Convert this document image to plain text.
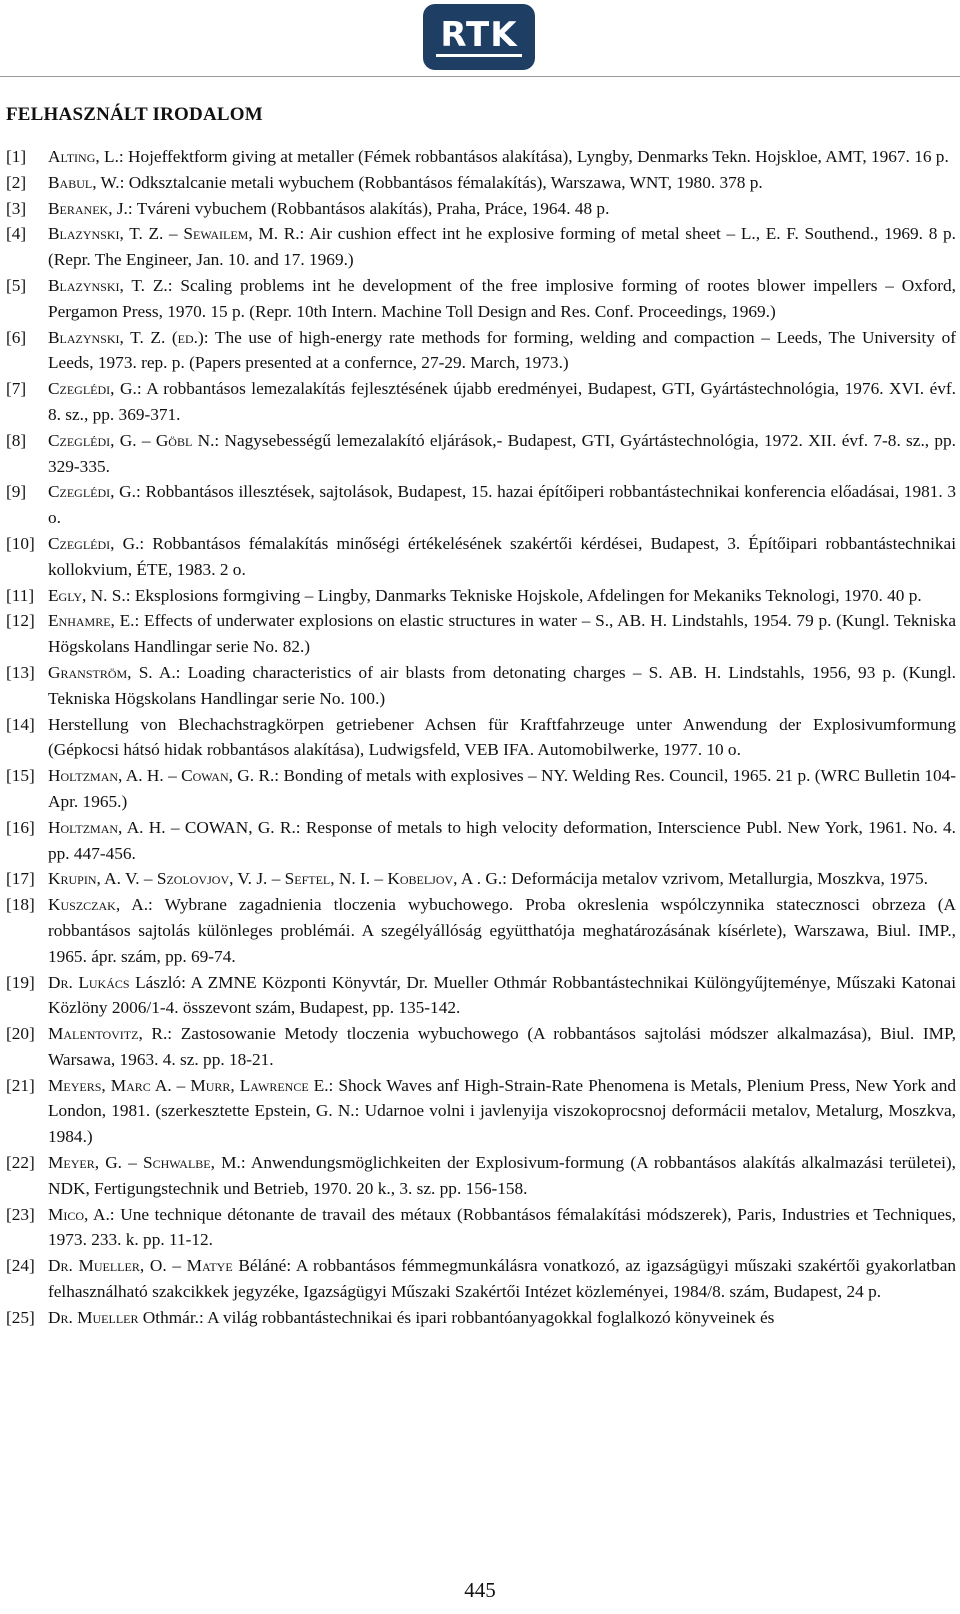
RTK
FELHASZNÁLT IRODALOM
[1] Alting, L.: Hojeffektform giving at metaller (Fémek robbantásos alakítása), Lyngby, Denmarks Tekn. Hojskloe, AMT, 1967. 16 p.
[2] Babul, W.: Odksztalcanie metali wybuchem (Robbantásos fémalakítás), Warszawa, WNT, 1980. 378 p.
[3] Beranek, J.: Tváreni vybuchem (Robbantásos alakítás), Praha, Práce, 1964. 48 p.
[4] Blazynski, T. Z. – Sewailem, M. R.: Air cushion effect int he explosive forming of metal sheet – L., E. F. Southend., 1969. 8 p. (Repr. The Engineer, Jan. 10. and 17. 1969.)
[5] Blazynski, T. Z.: Scaling problems int he development of the free implosive forming of rootes blower impellers – Oxford, Pergamon Press, 1970. 15 p. (Repr. 10th Intern. Machine Toll Design and Res. Conf. Proceedings, 1969.)
[6] Blazynski, T. Z. (ed.): The use of high-energy rate methods for forming, welding and compaction – Leeds, The University of Leeds, 1973. rep. p. (Papers presented at a confernce, 27-29. March, 1973.)
[7] Czeglédi, G.: A robbantásos lemezalakítás fejlesztésének újabb eredményei, Budapest, GTI, Gyártástechnológia, 1976. XVI. évf. 8. sz., pp. 369-371.
[8] Czeglédi, G. – Göbl N.: Nagysebességű lemezalakító eljárások,- Budapest, GTI, Gyártástechnológia, 1972. XII. évf. 7-8. sz., pp. 329-335.
[9] Czeglédi, G.: Robbantásos illesztések, sajtolások, Budapest, 15. hazai építőiperi robbantástechnikai konferencia előadásai, 1981. 3 o.
[10] Czeglédi, G.: Robbantásos fémalakítás minőségi értékelésének szakértői kérdései, Budapest, 3. Építőipari robbantástechnikai kollokvium, ÉTE, 1983. 2 o.
[11] Egly, N. S.: Eksplosions formgiving – Lingby, Danmarks Tekniske Hojskole, Afdelingen for Mekaniks Teknologi, 1970. 40 p.
[12] Enhamre, E.: Effects of underwater explosions on elastic structures in water – S., AB. H. Lindstahls, 1954. 79 p. (Kungl. Tekniska Högskolans Handlingar serie No. 82.)
[13] Granström, S. A.: Loading characteristics of air blasts from detonating charges – S. AB. H. Lindstahls, 1956, 93 p. (Kungl. Tekniska Högskolans Handlingar serie No. 100.)
[14] Herstellung von Blechachstragkörpen getriebener Achsen für Kraftfahrzeuge unter Anwendung der Explosivumformung (Gépkocsi hátsó hidak robbantásos alakítása), Ludwigsfeld, VEB IFA. Automobilwerke, 1977. 10 o.
[15] Holtzman, A. H. – Cowan, G. R.: Bonding of metals with explosives – NY. Welding Res. Council, 1965. 21 p. (WRC Bulletin 104-Apr. 1965.)
[16] Holtzman, A. H. – COWAN, G. R.: Response of metals to high velocity deformation, Interscience Publ. New York, 1961. No. 4. pp. 447-456.
[17] Krupin, A. V. – Szolovjov, V. J. – Seftel, N. I. – Kobeljov, A . G.: Deformácija metalov vzrivom, Metallurgia, Moszkva, 1975.
[18] Kuszczak, A.: Wybrane zagadnienia tloczenia wybuchowego. Proba okreslenia wspólczynnika statecznosci obrzeza (A robbantásos sajtolás különleges problémái. A szegélyállóság együtthatója meghatározásának kísérlete), Warszawa, Biul. IMP., 1965. ápr. szám, pp. 69-74.
[19] Dr. Lukács László: A ZMNE Központi Könyvtár, Dr. Mueller Othmár Robbantástechnikai Különgyűjteménye, Műszaki Katonai Közlöny 2006/1-4. összevont szám, Budapest, pp. 135-142.
[20] Malentovitz, R.: Zastosowanie Metody tloczenia wybuchowego (A robbantásos sajtolási módszer alkalmazása), Biul. IMP, Warsawa, 1963. 4. sz. pp. 18-21.
[21] Meyers, Marc A. – Murr, Lawrence E.: Shock Waves anf High-Strain-Rate Phenomena is Metals, Plenium Press, New York and London, 1981. (szerkesztette Epstein, G. N.: Udarnoe volni i javlenyija viszokoprocsnoj deformácii metalov, Metalurg, Moszkva, 1984.)
[22] Meyer, G. – Schwalbe, M.: Anwendungsmöglichkeiten der Explosivum-formung (A robbantásos alakítás alkalmazási területei), NDK, Fertigungstechnik und Betrieb, 1970. 20 k., 3. sz. pp. 156-158.
[23] Mico, A.: Une technique détonante de travail des métaux (Robbantásos fémalakítási módszerek), Paris, Industries et Techniques, 1973. 233. k. pp. 11-12.
[24] Dr. Mueller, O. – Matye Béláné: A robbantásos fémmegmunkálásra vonatkozó, az igazságügyi műszaki szakértői gyakorlatban felhasználható szakcikkek jegyzéke, Igazságügyi Műszaki Szakértői Intézet közleményei, 1984/8. szám, Budapest, 24 p.
[25] Dr. Mueller Othmár.: A világ robbantástechnikai és ipari robbantóanyagokkal foglalkozó könyveinek és
445
